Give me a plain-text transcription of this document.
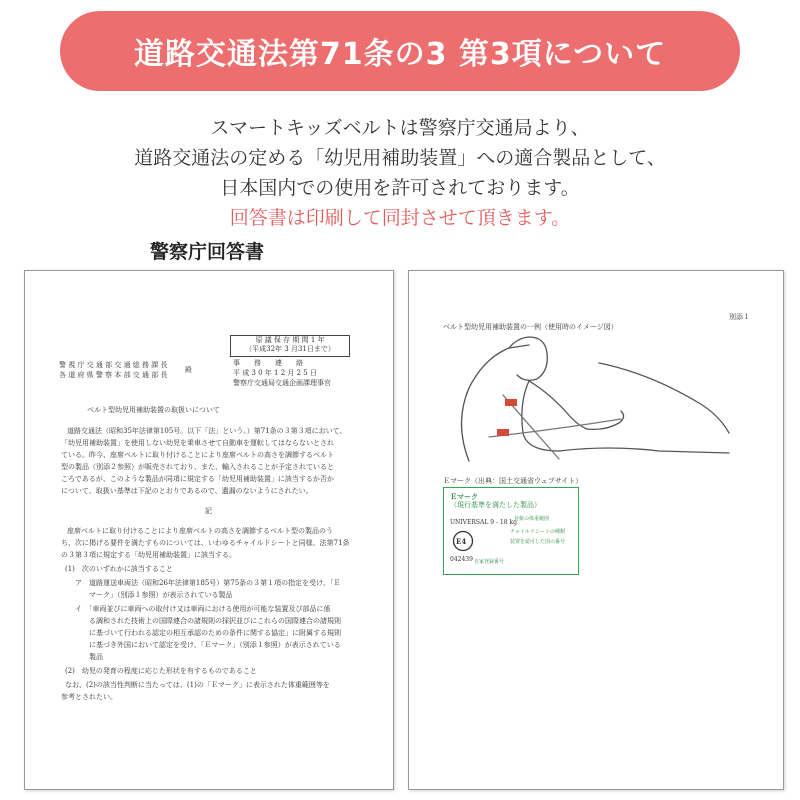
道路交通法第71条の3 第3項について
スマートキッズベルトは警察庁交通局より、
道路交通法の定める「幼児用補助装置」への適合製品として、
日本国内での使用を許可されております。
回答書は印刷して同封させて頂きます。
警察庁回答書
原 議 保 存 期 間 1 年
（平成32年 3 月31日まで）
事　　務　　連　　絡
平 成 3 0 年 1 2 月 2 5 日
警察庁交通局交通企画課理事官
警 視 庁 交 通 部 交 通 総 務 課 長
各 道 府 県 警 察 本 部 交 通 部 長
殿
ベルト型幼児用補助装置の取扱いについて
道路交通法（昭和35年法律第105号。以下「法」という。）第71条の３第３項において、
「幼児用補助装置」を使用しない幼児を乗車させて自動車を運転してはならないとされ
ている。昨今、座席ベルトに取り付けることにより座席ベルトの高さを調節するベルト
型の製品（別添２参照）が販売されており、また、輸入されることが予定されていると
ころであるが、このような製品が同項に規定する「幼児用補助装置」に該当するか否か
について、取扱い基準は下記のとおりであるので、遺漏のないようにされたい。
記
座席ベルトに取り付けることにより座席ベルトの高さを調節するベルト型の製品のう
ち、次に掲げる要件を満たすものについては、いわゆるチャイルドシートと同様、法第71条
の３第３項に規定する「幼児用補助装置」に該当する。
(1)　次のいずれかに該当すること
ア　道路運送車両法（昭和26年法律第185号）第75条の３第１項の指定を受け、「Ｅ
マーク」（別添１参照）が表示されている製品
イ　「車両並びに車両への取付け又は車両における使用が可能な装置及び部品に係
る調和された技術上の国際連合の諸規則の採択並びにこれらの国際連合の諸規則
に基づいて行われる認定の相互承認のための条件に関する協定」に附属する規則
に基づき外国において認定を受け、「Ｅマーク」（別添１参照）が表示されている
製品
(2)　幼児の発育の程度に応じた形状を有するものであること
なお、(2)の該当性判断に当たっては、(1)の「Ｅマーク」に表示された体重範囲等を
参考とされたい。
別添１
ベルト型幼児用補助装置の一例（使用時のイメージ図）
Ｅマーク（出典：国土交通省ウェブサイト）
Ｅマーク
（現行基準を満たした製品）
UNIVERSAL 9 - 18 kg
E4
042439
対象の体重範囲
チャイルドシートの種類
装置を認可した国の番号
自家登録番号
